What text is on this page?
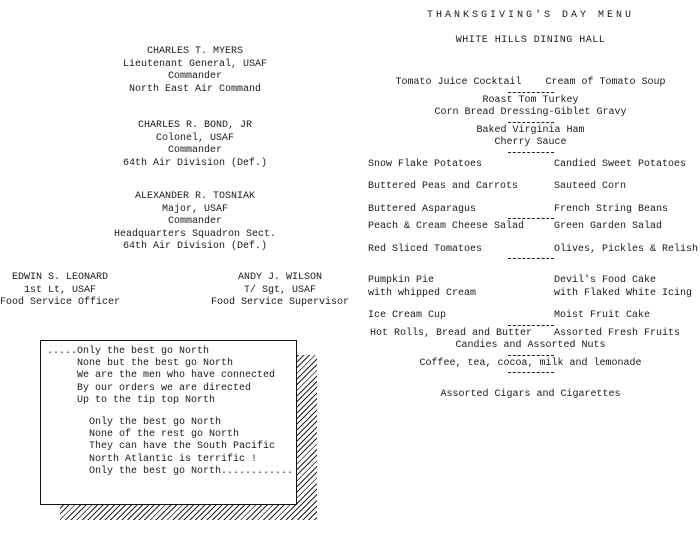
CHARLES T. MYERS
Lieutenant General, USAF
Commander
North East Air Command
CHARLES R. BOND, JR
Colonel, USAF
Commander
64th Air Division (Def.)
ALEXANDER R. TOSNIAK
Major, USAF
Commander
Headquarters Squadron Sect.
64th Air Division (Def.)
EDWIN S. LEONARD
1st Lt, USAF
Food Service Officer
ANDY J. WILSON
T/ Sgt, USAF
Food Service Supervisor
.....Only the best go North
None but the best go North
We are the men who have connected
By our orders we are directed
Up to the tip top North
Only the best go North
None of the rest go North
They can have the South Pacific
North Atlantic is terrific !
Only the best go North............
THANKSGIVING'S DAY MENU
WHITE HILLS DINING HALL
Tomato Juice Cocktail    Cream of Tomato Soup
Roast Tom Turkey
Corn Bread Dressing-Giblet Gravy
Baked Virginia Ham
Cherry Sauce
Snow Flake Potatoes	Candied Sweet Potatoes
Buttered Peas and Carrots	Sauteed Corn
Buttered Asparagus	French String Beans
Peach & Cream Cheese Salad	Green Garden Salad
Red Sliced Tomatoes	Olives, Pickles & Relish
Pumpkin Pie	Devil's Food Cake
with whipped Cream	with Flaked White Icing
Ice Cream Cup	Moist Fruit Cake
Hot Rolls, Bread and Butter Assorted Fresh Fruits
Candies and Assorted Nuts
Coffee, tea, cocoa, milk and lemonade
Assorted Cigars and Cigarettes
